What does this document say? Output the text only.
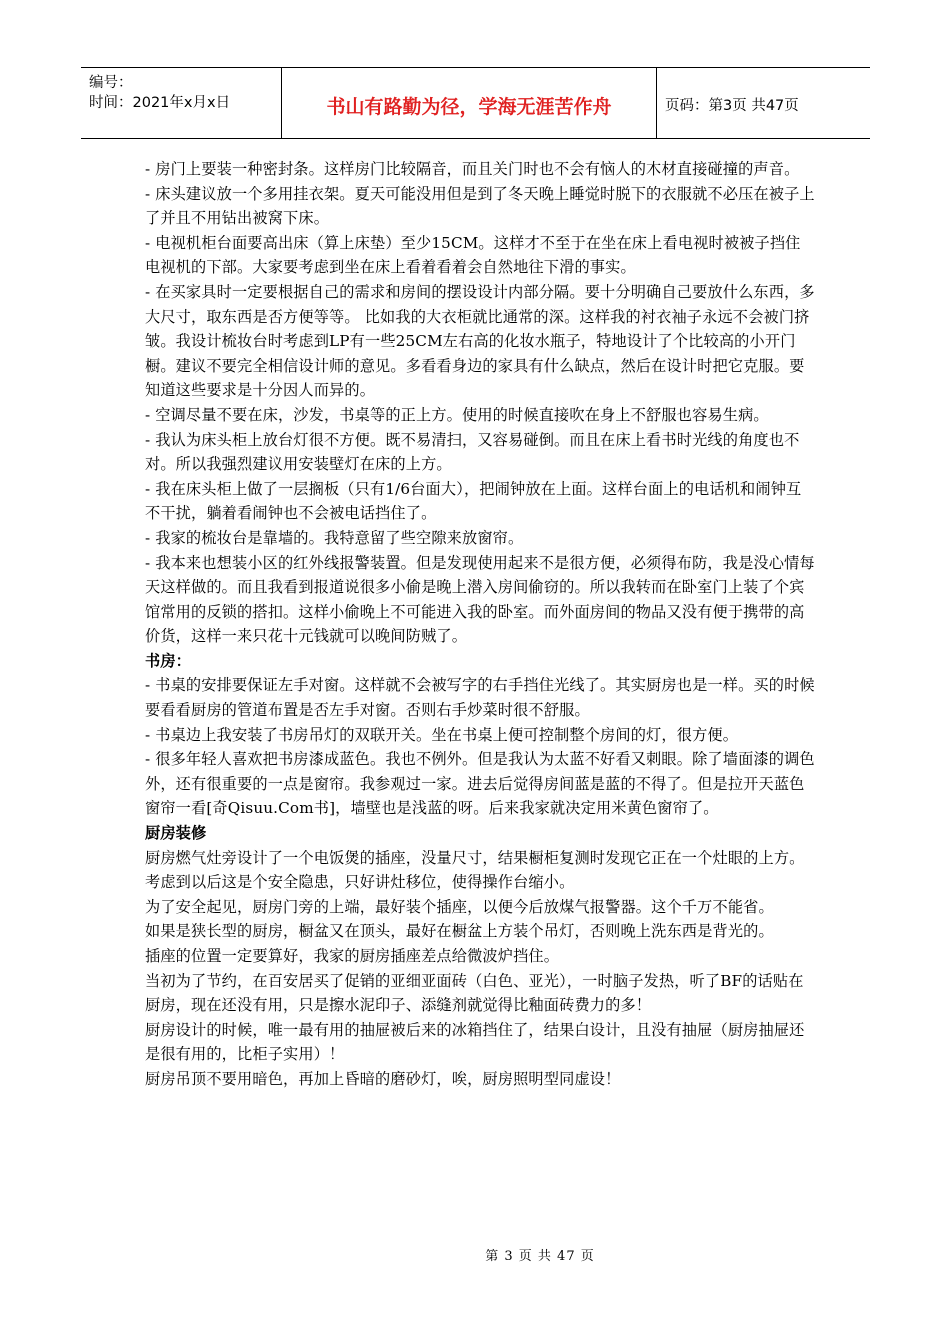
编号：
时间：2021年x月x日	书山有路勤为径，学海无涯苦作舟	页码：第3页 共47页

- 房门上要装一种密封条。这样房门比较隔音，而且关门时也不会有恼人的木材直接碰撞的声音。

- 床头建议放一个多用挂衣架。夏天可能没用但是到了冬天晚上睡觉时脱下的衣服就不必压在被子上了并且不用钻出被窝下床。

- 电视机柜台面要高出床（算上床垫）至少15CM。这样才不至于在坐在床上看电视时被被子挡住电视机的下部。大家要考虑到坐在床上看着看着会自然地往下滑的事实。

- 在买家具时一定要根据自己的需求和房间的摆设设计内部分隔。要十分明确自己要放什么东西，多大尺寸，取东西是否方便等等。 比如我的大衣柜就比通常的深。这样我的衬衣袖子永远不会被门挤皱。我设计梳妆台时考虑到LP有一些25CM左右高的化妆水瓶子，特地设计了个比较高的小开门橱。建议不要完全相信设计师的意见。多看看身边的家具有什么缺点，然后在设计时把它克服。要知道这些要求是十分因人而异的。

- 空调尽量不要在床，沙发，书桌等的正上方。使用的时候直接吹在身上不舒服也容易生病。

- 我认为床头柜上放台灯很不方便。既不易清扫，又容易碰倒。而且在床上看书时光线的角度也不对。所以我强烈建议用安装壁灯在床的上方。

- 我在床头柜上做了一层搁板（只有1/6台面大），把闹钟放在上面。这样台面上的电话机和闹钟互不干扰，躺着看闹钟也不会被电话挡住了。

- 我家的梳妆台是靠墙的。我特意留了些空隙来放窗帘。

- 我本来也想装小区的红外线报警装置。但是发现使用起来不是很方便，必须得布防，我是没心情每天这样做的。而且我看到报道说很多小偷是晚上潜入房间偷窃的。所以我转而在卧室门上装了个宾馆常用的反锁的搭扣。这样小偷晚上不可能进入我的卧室。而外面房间的物品又没有便于携带的高价货，这样一来只花十元钱就可以晚间防贼了。

书房：

- 书桌的安排要保证左手对窗。这样就不会被写字的右手挡住光线了。其实厨房也是一样。买的时候要看看厨房的管道布置是否左手对窗。否则右手炒菜时很不舒服。

- 书桌边上我安装了书房吊灯的双联开关。坐在书桌上便可控制整个房间的灯，很方便。

- 很多年轻人喜欢把书房漆成蓝色。我也不例外。但是我认为太蓝不好看又刺眼。除了墙面漆的调色外，还有很重要的一点是窗帘。我参观过一家。进去后觉得房间蓝是蓝的不得了。但是拉开天蓝色窗帘一看[奇Qisuu.Com书]，墙壁也是浅蓝的呀。后来我家就决定用米黄色窗帘了。

厨房装修

厨房燃气灶旁设计了一个电饭煲的插座，没量尺寸，结果橱柜复测时发现它正在一个灶眼的上方。考虑到以后这是个安全隐患，只好讲灶移位，使得操作台缩小。

为了安全起见，厨房门旁的上端，最好装个插座，以便今后放煤气报警器。这个千万不能省。

如果是狭长型的厨房，橱盆又在顶头，最好在橱盆上方装个吊灯，否则晚上洗东西是背光的。

插座的位置一定要算好，我家的厨房插座差点给微波炉挡住。

当初为了节约，在百安居买了促销的亚细亚面砖（白色、亚光），一时脑子发热，听了BF的话贴在厨房，现在还没有用，只是擦水泥印子、添缝剂就觉得比釉面砖费力的多！

厨房设计的时候，唯一最有用的抽屉被后来的冰箱挡住了，结果白设计，且没有抽屉（厨房抽屉还是很有用的，比柜子实用）！

厨房吊顶不要用暗色，再加上昏暗的磨砂灯，唉，厨房照明型同虚设！

第 3 页 共 47 页
